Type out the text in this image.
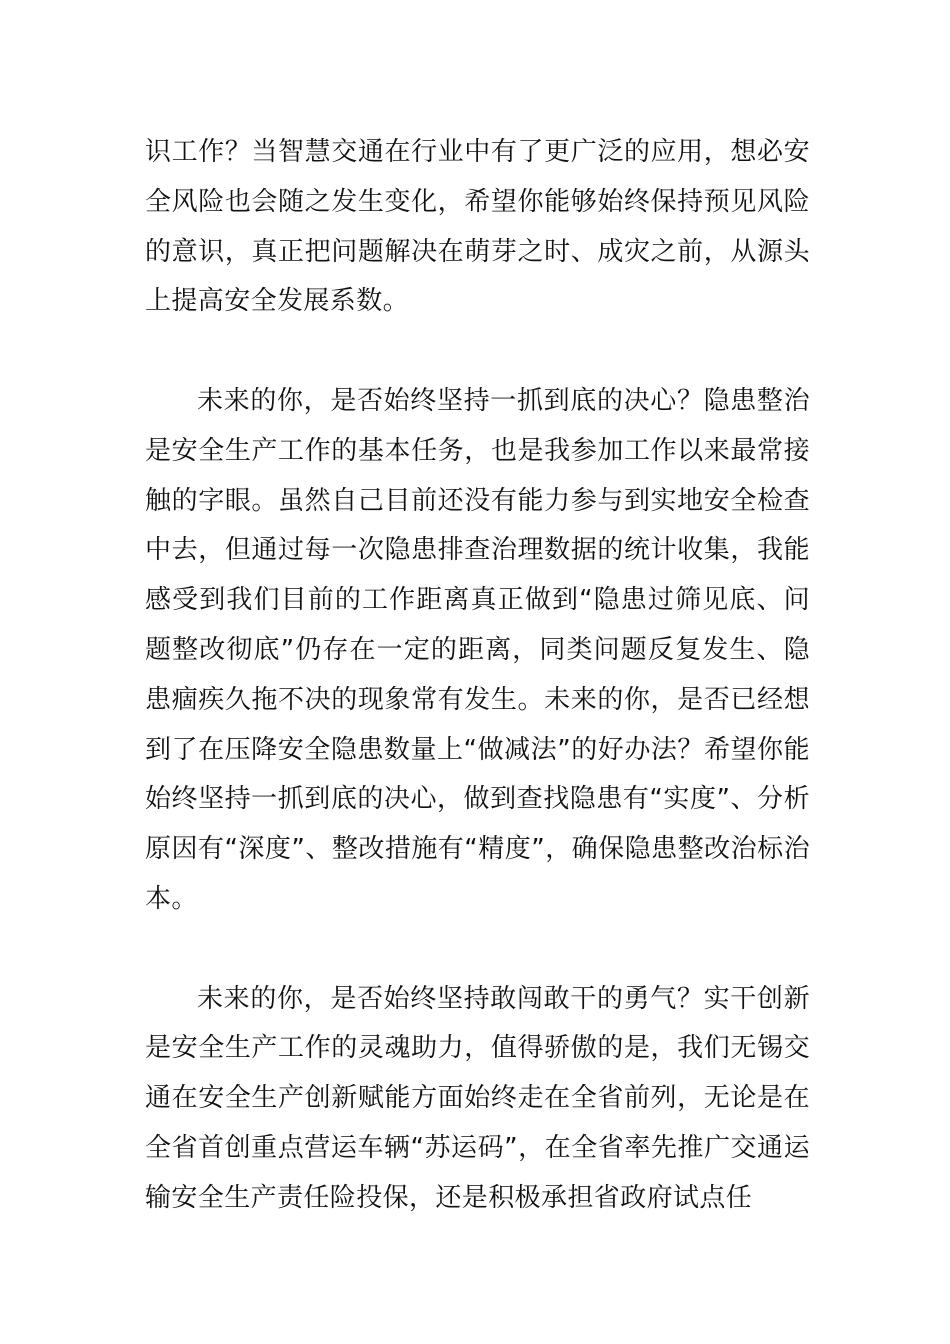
识工作？当智慧交通在行业中有了更广泛的应用，想必安全风险也会随之发生变化，希望你能够始终保持预见风险的意识，真正把问题解决在萌芽之时、成灾之前，从源头上提高安全发展系数。

未来的你，是否始终坚持一抓到底的决心？隐患整治是安全生产工作的基本任务，也是我参加工作以来最常接触的字眼。虽然自己目前还没有能力参与到实地安全检查中去，但通过每一次隐患排查治理数据的统计收集，我能感受到我们目前的工作距离真正做到“隐患过筛见底、问题整改彻底”仍存在一定的距离，同类问题反复发生、隐患痼疾久拖不决的现象常有发生。未来的你，是否已经想到了在压降安全隐患数量上“做减法”的好办法？希望你能始终坚持一抓到底的决心，做到查找隐患有“实度”、分析原因有“深度”、整改措施有“精度”，确保隐患整改治标治本。

未来的你，是否始终坚持敢闯敢干的勇气？实干创新是安全生产工作的灵魂助力，值得骄傲的是，我们无锡交通在安全生产创新赋能方面始终走在全省前列，无论是在全省首创重点营运车辆“苏运码”，在全省率先推广交通运输安全生产责任险投保，还是积极承担省政府试点任
